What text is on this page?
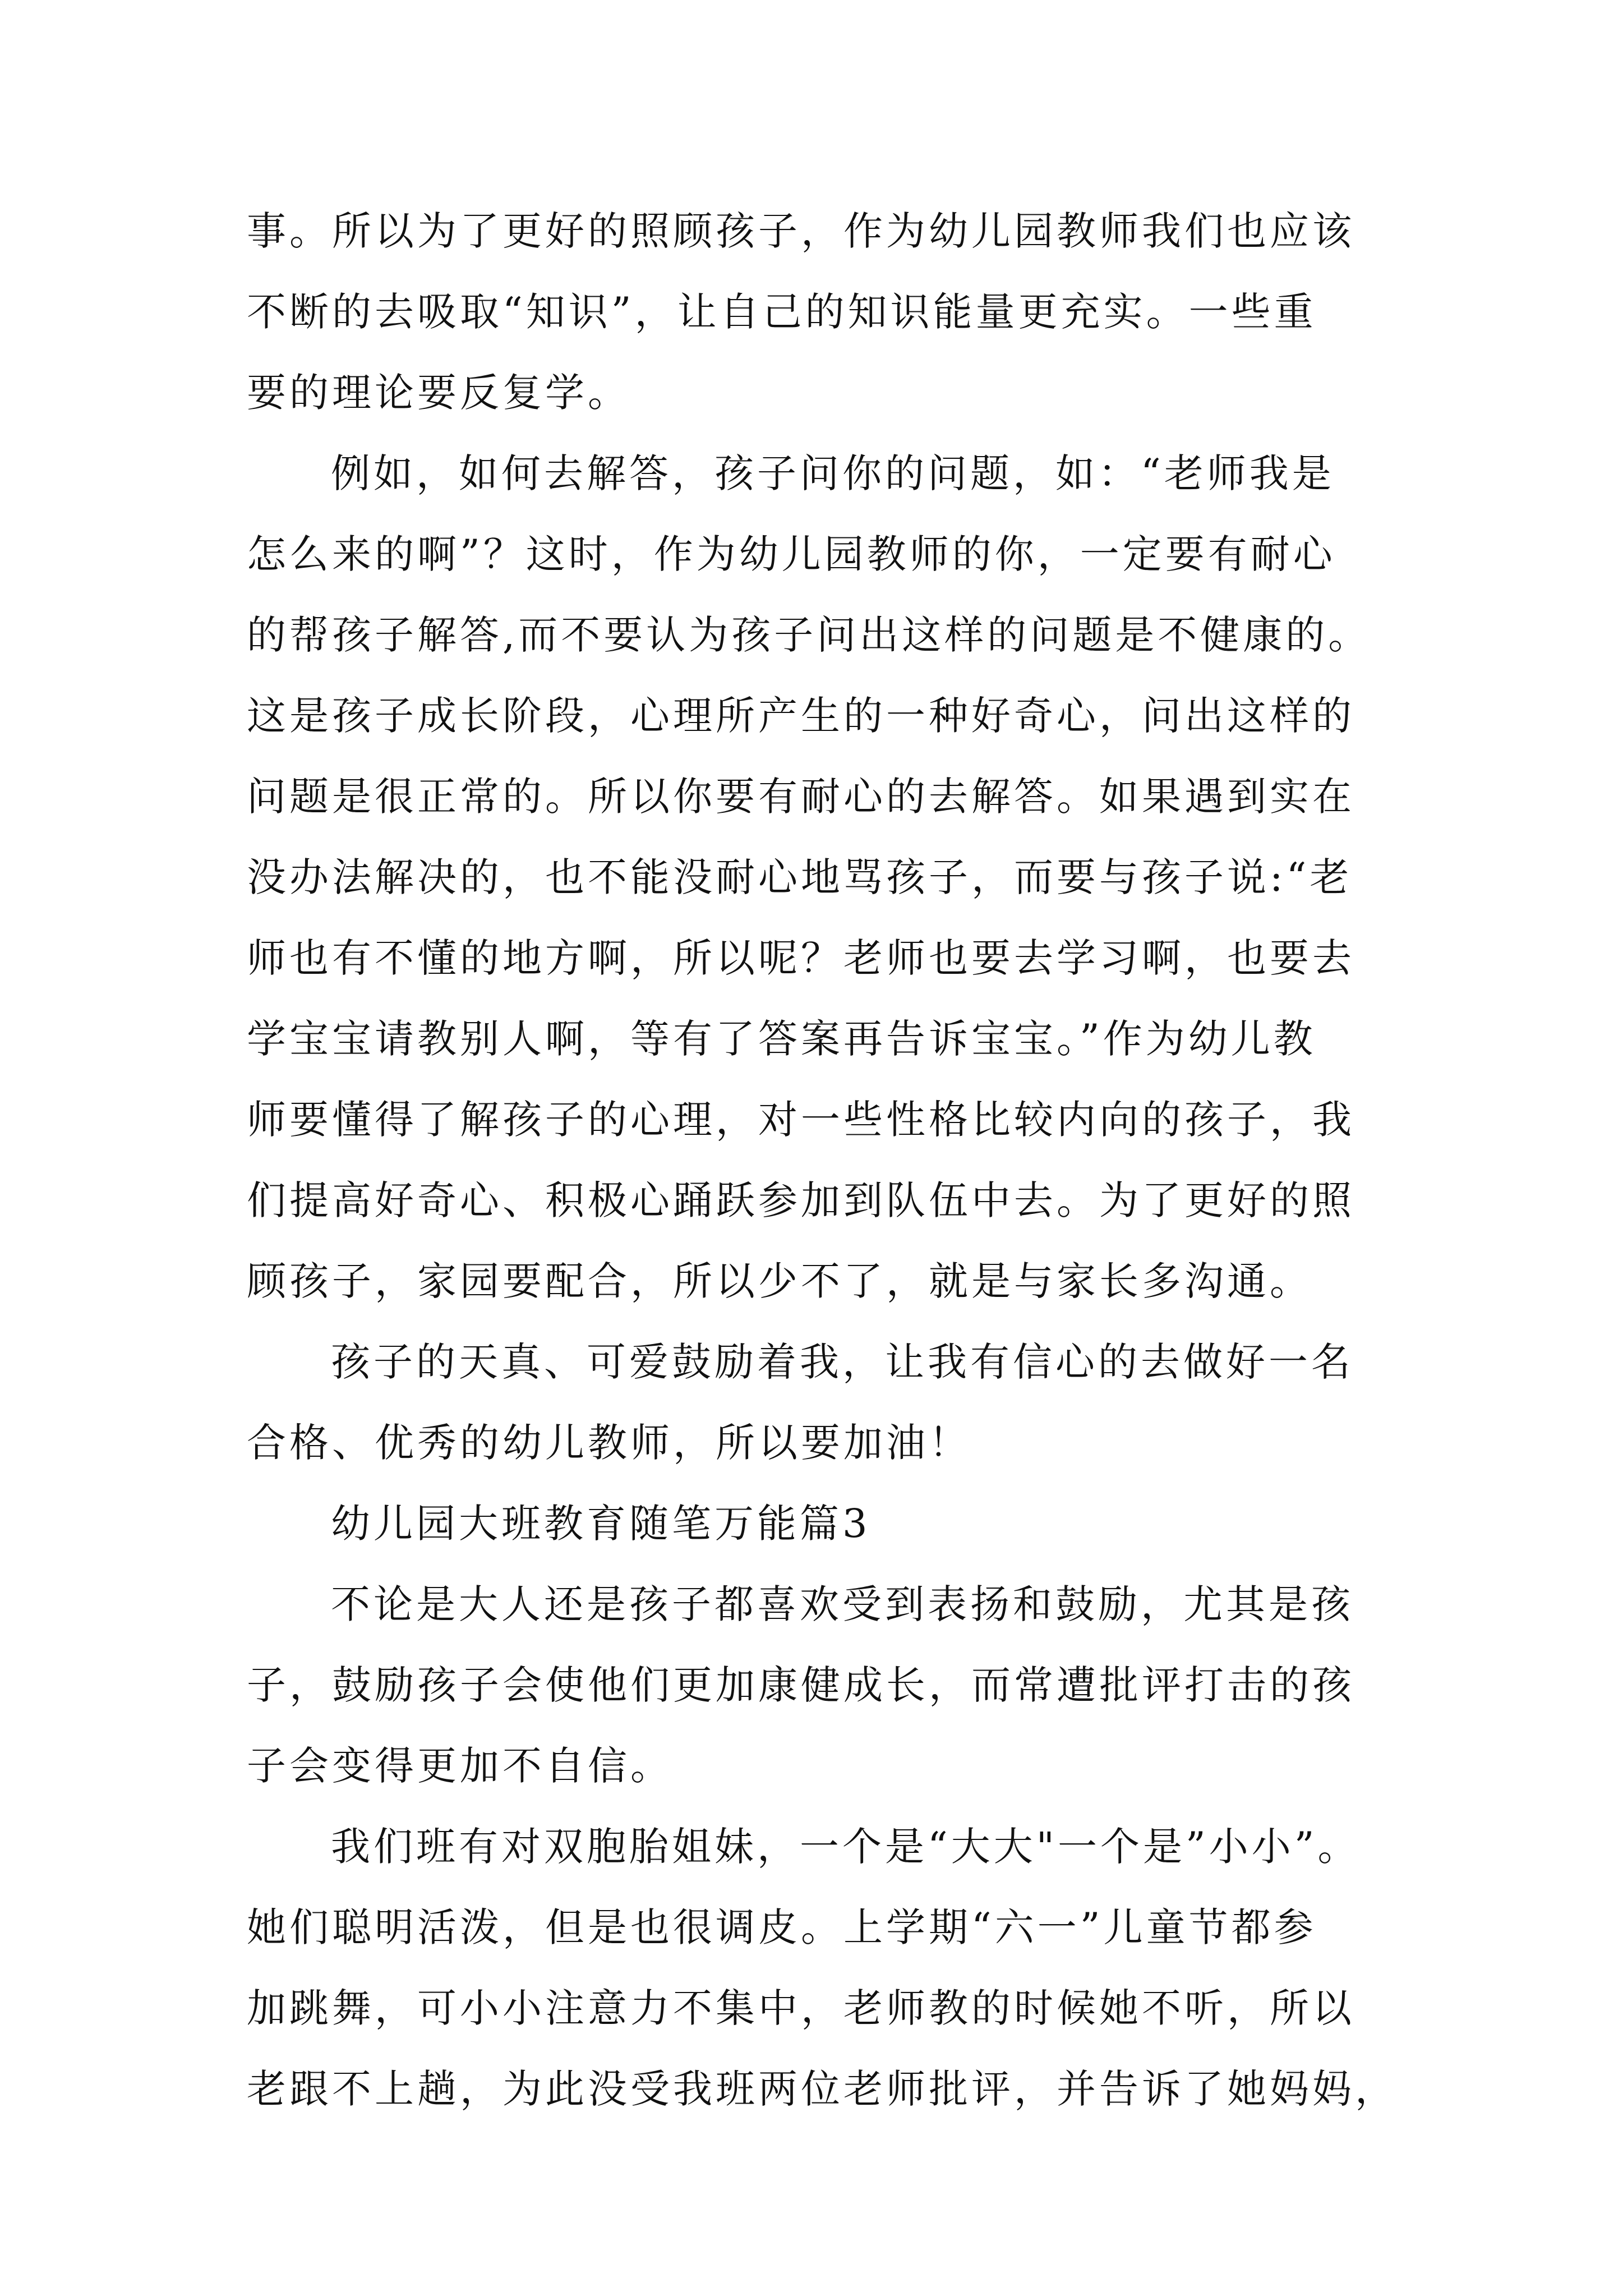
事。所以为了更好的照顾孩子，作为幼儿园教师我们也应该
不断的去吸取“知识”，让自己的知识能量更充实。一些重
要的理论要反复学。
例如，如何去解答，孩子问你的问题，如：“老师我是
怎么来的啊”？这时，作为幼儿园教师的你，一定要有耐心
的帮孩子解答,而不要认为孩子问出这样的问题是不健康的。
这是孩子成长阶段，心理所产生的一种好奇心，问出这样的
问题是很正常的。所以你要有耐心的去解答。如果遇到实在
没办法解决的，也不能没耐心地骂孩子，而要与孩子说:“老
师也有不懂的地方啊，所以呢？老师也要去学习啊，也要去
学宝宝请教别人啊，等有了答案再告诉宝宝。”作为幼儿教
师要懂得了解孩子的心理，对一些性格比较内向的孩子，我
们提高好奇心、积极心踊跃参加到队伍中去。为了更好的照
顾孩子，家园要配合，所以少不了，就是与家长多沟通。
孩子的天真、可爱鼓励着我，让我有信心的去做好一名
合格、优秀的幼儿教师，所以要加油！
幼儿园大班教育随笔万能篇3
不论是大人还是孩子都喜欢受到表扬和鼓励，尤其是孩
子，鼓励孩子会使他们更加康健成长，而常遭批评打击的孩
子会变得更加不自信。
我们班有对双胞胎姐妹，一个是“大大"一个是”小小”。
她们聪明活泼，但是也很调皮。上学期“六一”儿童节都参
加跳舞，可小小注意力不集中，老师教的时候她不听，所以
老跟不上趟，为此没受我班两位老师批评，并告诉了她妈妈，
